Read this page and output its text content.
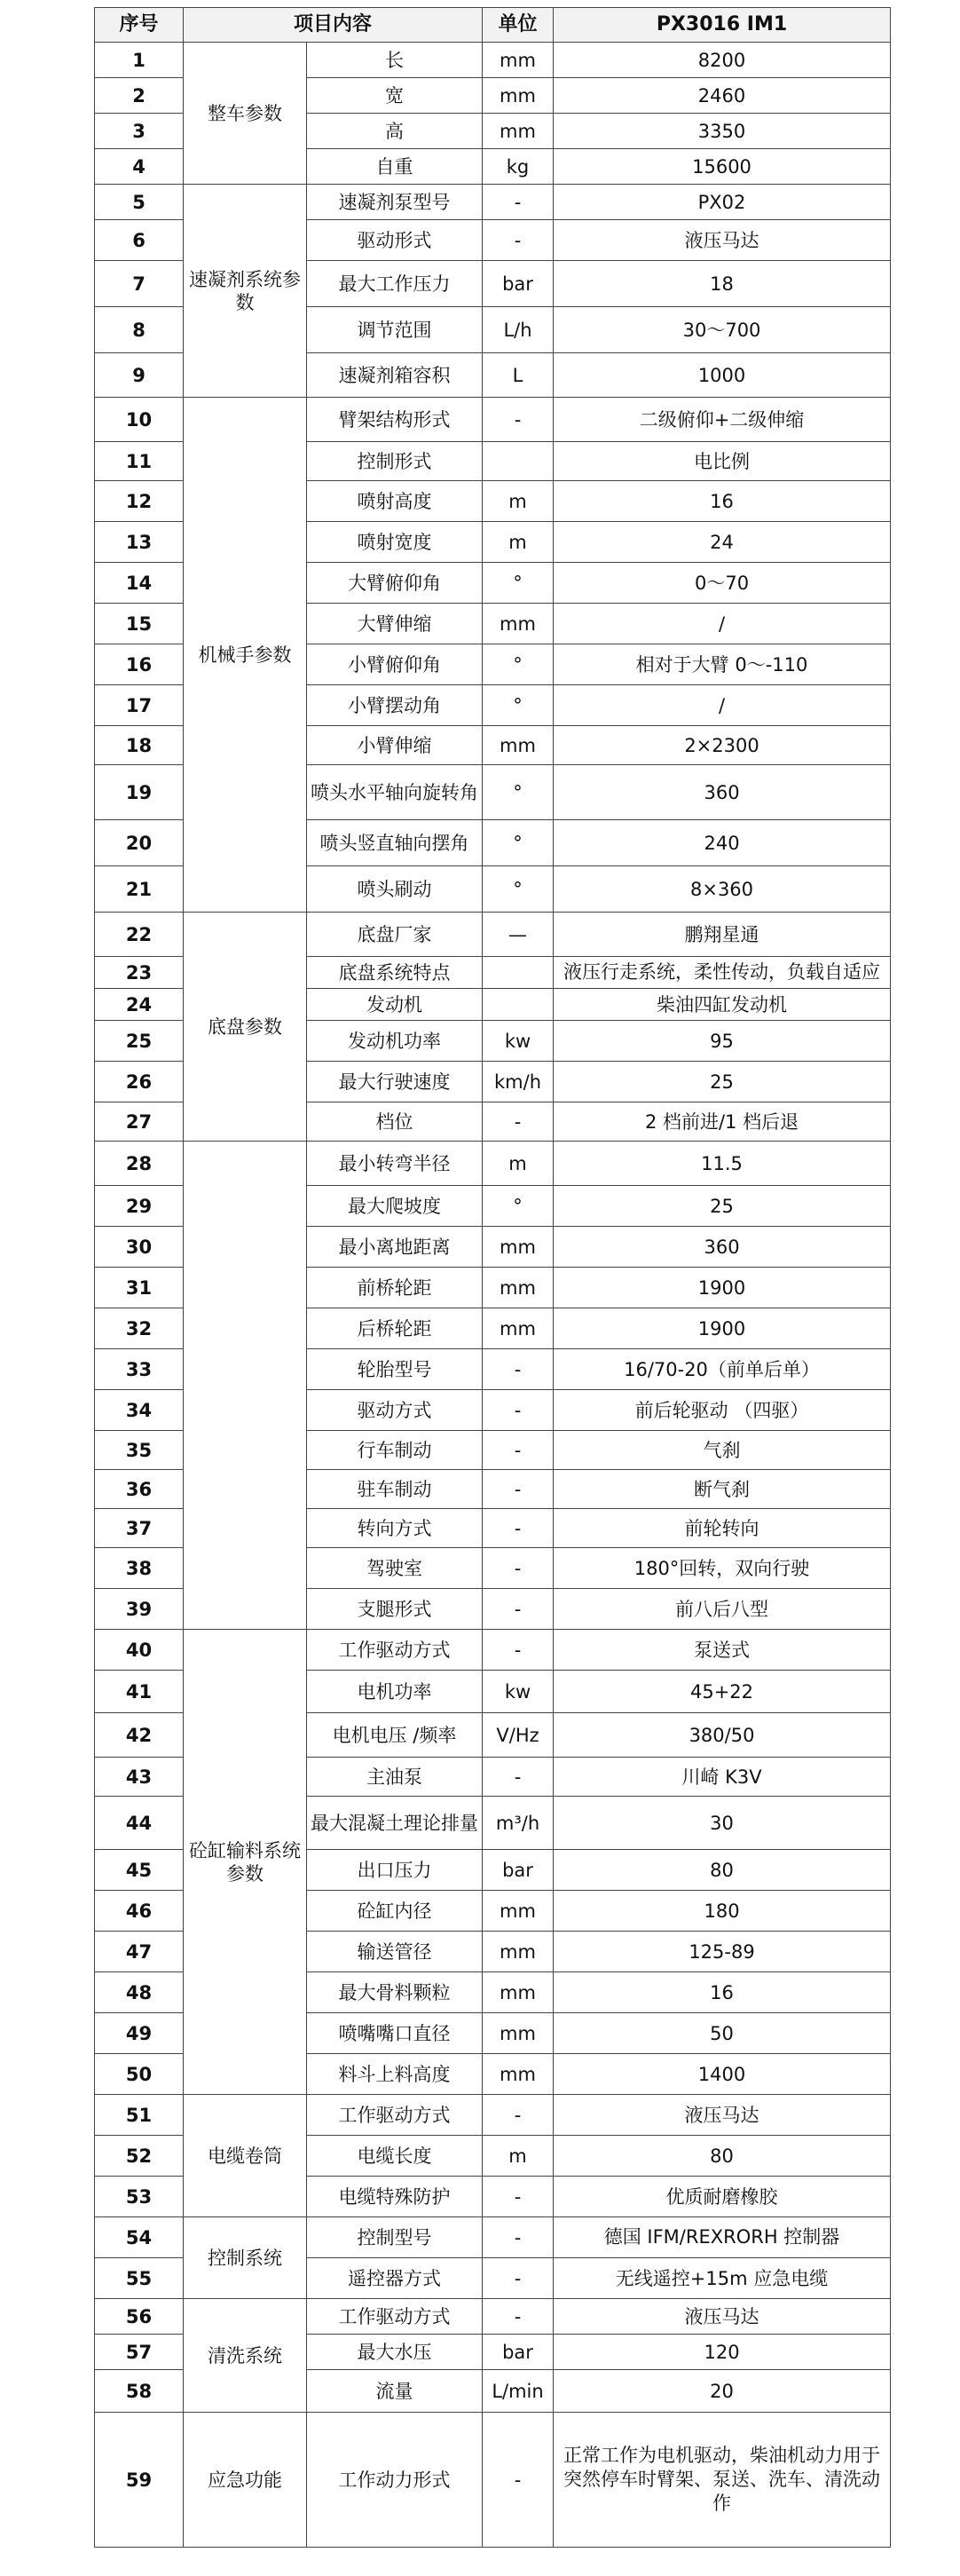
序号	项目内容		单位	PX3016 IM1
1	整车参数	长	mm	8200
2		宽	mm	2460
3		高	mm	3350
4		自重	kg	15600
5	速凝剂系统参数	速凝剂泵型号	-	PX02
6		驱动形式	-	液压马达
7		最大工作压力	bar	18
8		调节范围	L/h	30～700
9		速凝剂箱容积	L	1000
10	机械手参数	臂架结构形式	-	二级俯仰+二级伸缩
11		控制形式		电比例
12		喷射高度	m	16
13		喷射宽度	m	24
14		大臂俯仰角	°	0～70
15		大臂伸缩	mm	/
16		小臂俯仰角	°	相对于大臂 0～-110
17		小臂摆动角	°	/
18		小臂伸缩	mm	2×2300
19		喷头水平轴向旋转角	°	360
20		喷头竖直轴向摆角	°	240
21		喷头刷动	°	8×360
22	底盘参数	底盘厂家	—	鹏翔星通
23		底盘系统特点		液压行走系统，柔性传动，负载自适应
24		发动机		柴油四缸发动机
25		发动机功率	kw	95
26		最大行驶速度	km/h	25
27		档位	-	2 档前进/1 档后退
28		最小转弯半径	m	11.5
29		最大爬坡度	°	25
30		最小离地距离	mm	360
31		前桥轮距	mm	1900
32		后桥轮距	mm	1900
33		轮胎型号	-	16/70-20（前单后单）
34		驱动方式	-	前后轮驱动 （四驱）
35		行车制动	-	气刹
36		驻车制动	-	断气刹
37		转向方式	-	前轮转向
38		驾驶室	-	180°回转，双向行驶
39		支腿形式	-	前八后八型
40	砼缸输料系统参数	工作驱动方式	-	泵送式
41		电机功率	kw	45+22
42		电机电压 /频率	V/Hz	380/50
43		主油泵	-	川崎 K3V
44		最大混凝土理论排量	m³/h	30
45		出口压力	bar	80
46		砼缸内径	mm	180
47		输送管径	mm	125-89
48		最大骨料颗粒	mm	16
49		喷嘴嘴口直径	mm	50
50		料斗上料高度	mm	1400
51	电缆卷筒	工作驱动方式	-	液压马达
52		电缆长度	m	80
53		电缆特殊防护	-	优质耐磨橡胶
54	控制系统	控制型号	-	德国 IFM/REXRORH 控制器
55		遥控器方式	-	无线遥控+15m 应急电缆
56	清洗系统	工作驱动方式	-	液压马达
57		最大水压	bar	120
58		流量	L/min	20
59	应急功能	工作动力形式	-	正常工作为电机驱动，柴油机动力用于突然停车时臂架、泵送、洗车、清洗动作
